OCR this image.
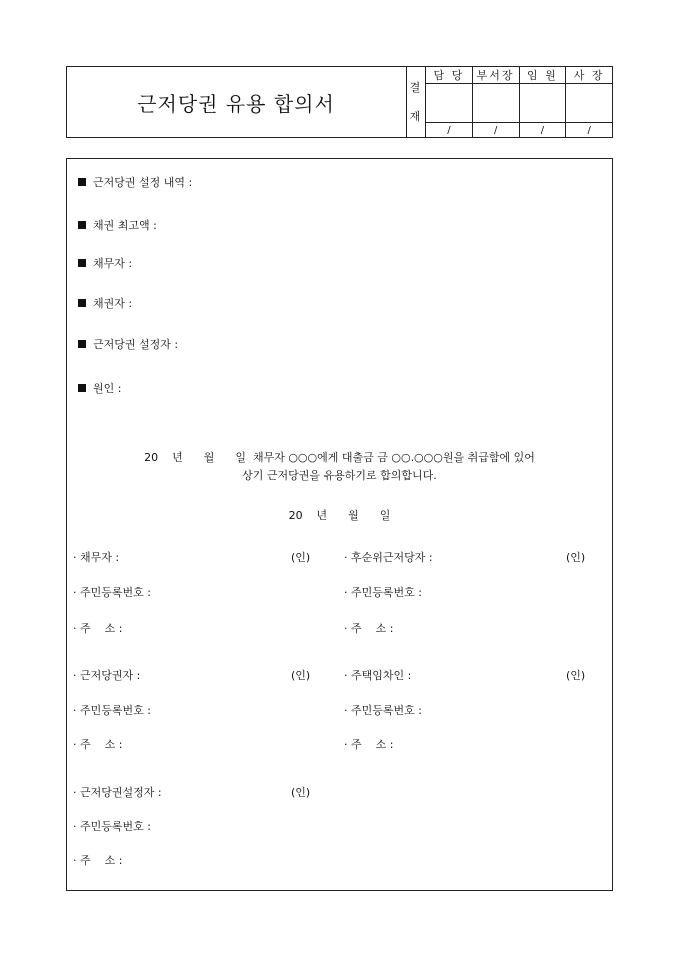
근저당권 유용 합의서
결
재	담 당	부서장	임 원	사 장

	/	/	/	/
근저당권 설정 내역 :
채권 최고액 :
채무자 :
채권자 :
근저당권 설정자 :
원인 :
20    년      월      일  채무자 ○○○에게 대출금 금 ○○.○○○원을 취급함에 있어
상기 근저당권을 유용하기로 합의합니다.
20    년      월      일
· 채무자 :	(인)	· 후순위근저당자 :	(인)
· 주민등록번호 :	· 주민등록번호 :
· 주    소 :	· 주    소 :
· 근저당권자 :	(인)	· 주택임차인 :	(인)
· 주민등록번호 :	· 주민등록번호 :
· 주    소 :	· 주    소 :
· 근저당권설정자 :	(인)
· 주민등록번호 :
· 주    소 :
